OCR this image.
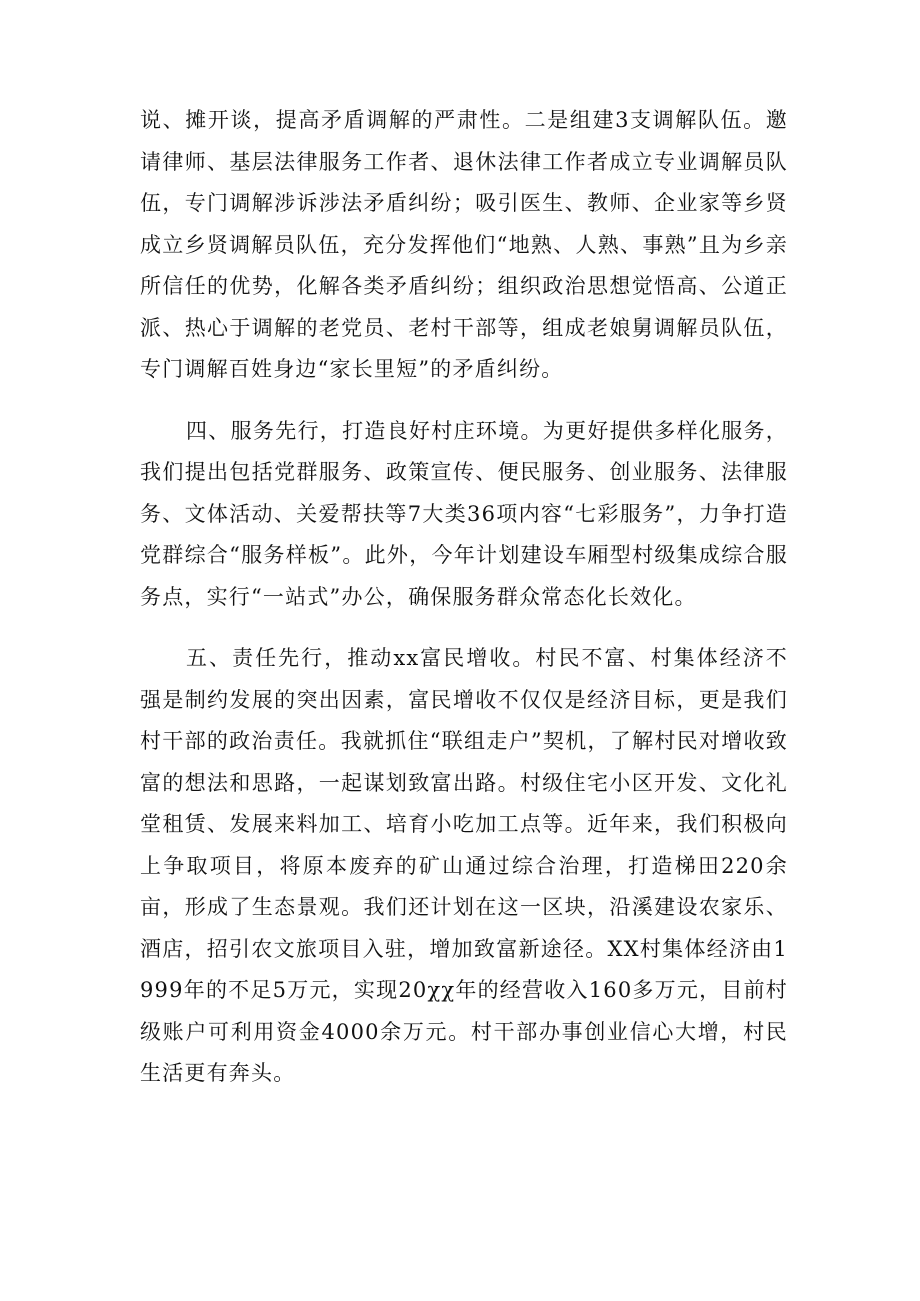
说、摊开谈，提高矛盾调解的严肃性。二是组建3支调解队伍。邀请律师、基层法律服务工作者、退休法律工作者成立专业调解员队伍，专门调解涉诉涉法矛盾纠纷；吸引医生、教师、企业家等乡贤成立乡贤调解员队伍，充分发挥他们“地熟、人熟、事熟”且为乡亲所信任的优势，化解各类矛盾纠纷；组织政治思想觉悟高、公道正派、热心于调解的老党员、老村干部等，组成老娘舅调解员队伍，专门调解百姓身边“家长里短”的矛盾纠纷。

四、服务先行，打造良好村庄环境。为更好提供多样化服务，我们提出包括党群服务、政策宣传、便民服务、创业服务、法律服务、文体活动、关爱帮扶等7大类36项内容“七彩服务”，力争打造党群综合“服务样板”。此外，今年计划建设车厢型村级集成综合服务点，实行“一站式”办公，确保服务群众常态化长效化。

五、责任先行，推动xx富民增收。村民不富、村集体经济不强是制约发展的突出因素，富民增收不仅仅是经济目标，更是我们村干部的政治责任。我就抓住“联组走户”契机，了解村民对增收致富的想法和思路，一起谋划致富出路。村级住宅小区开发、文化礼堂租赁、发展来料加工、培育小吃加工点等。近年来，我们积极向上争取项目，将原本废弃的矿山通过综合治理，打造梯田220余亩，形成了生态景观。我们还计划在这一区块，沿溪建设农家乐、酒店，招引农文旅项目入驻，增加致富新途径。XX村集体经济由1999年的不足5万元，实现20χχ年的经营收入160多万元，目前村级账户可利用资金4000余万元。村干部办事创业信心大增，村民生活更有奔头。
